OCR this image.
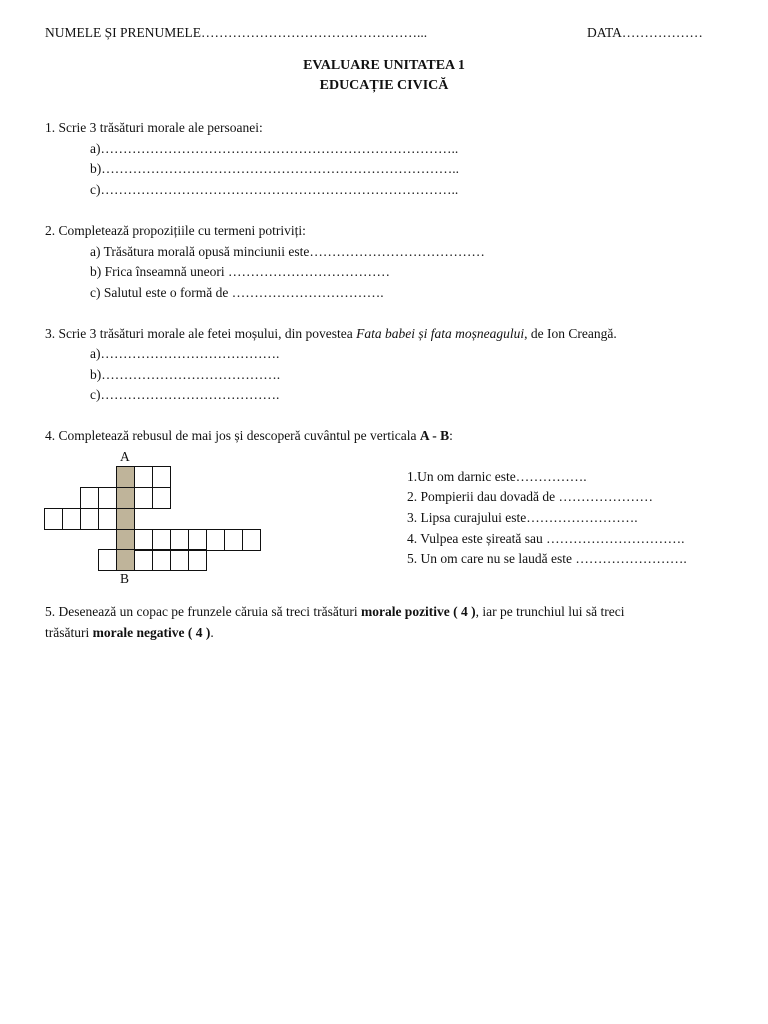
NUMELE ȘI PRENUMELE…………………………………………...	DATA………………
EVALUARE UNITATEA 1
EDUCAȚIE CIVICĂ
1. Scrie 3 trăsături morale ale persoanei:
a)……………………………………………………………………..
b)……………………………………………………………………..
c)……………………………………………………………………..
2. Completează propozițiile cu termeni potriviți:
a) Trăsătura morală opusă minciunii este…………………………………
b) Frica înseamnă uneori ………………………………
c) Salutul este o formă de …………………………….
3. Scrie 3 trăsături morale ale fetei moșului, din povestea Fata babei și fata moșneagului, de Ion Creangă.
a)………………………………….
b)………………………………….
c)………………………………….
4. Completează rebusul de mai jos și descoperă cuvântul pe verticala A - B:
A
B
1.Un om darnic este…………….
2. Pompierii dau dovadă de …………………
3. Lipsa curajului este…………………….
4. Vulpea este șireată sau ………………………….
5. Un om care nu se laudă este …………………….
5. Desenează un copac pe frunzele căruia să treci trăsături morale pozitive ( 4 ), iar pe trunchiul lui să treci
trăsături morale negative ( 4 ).
